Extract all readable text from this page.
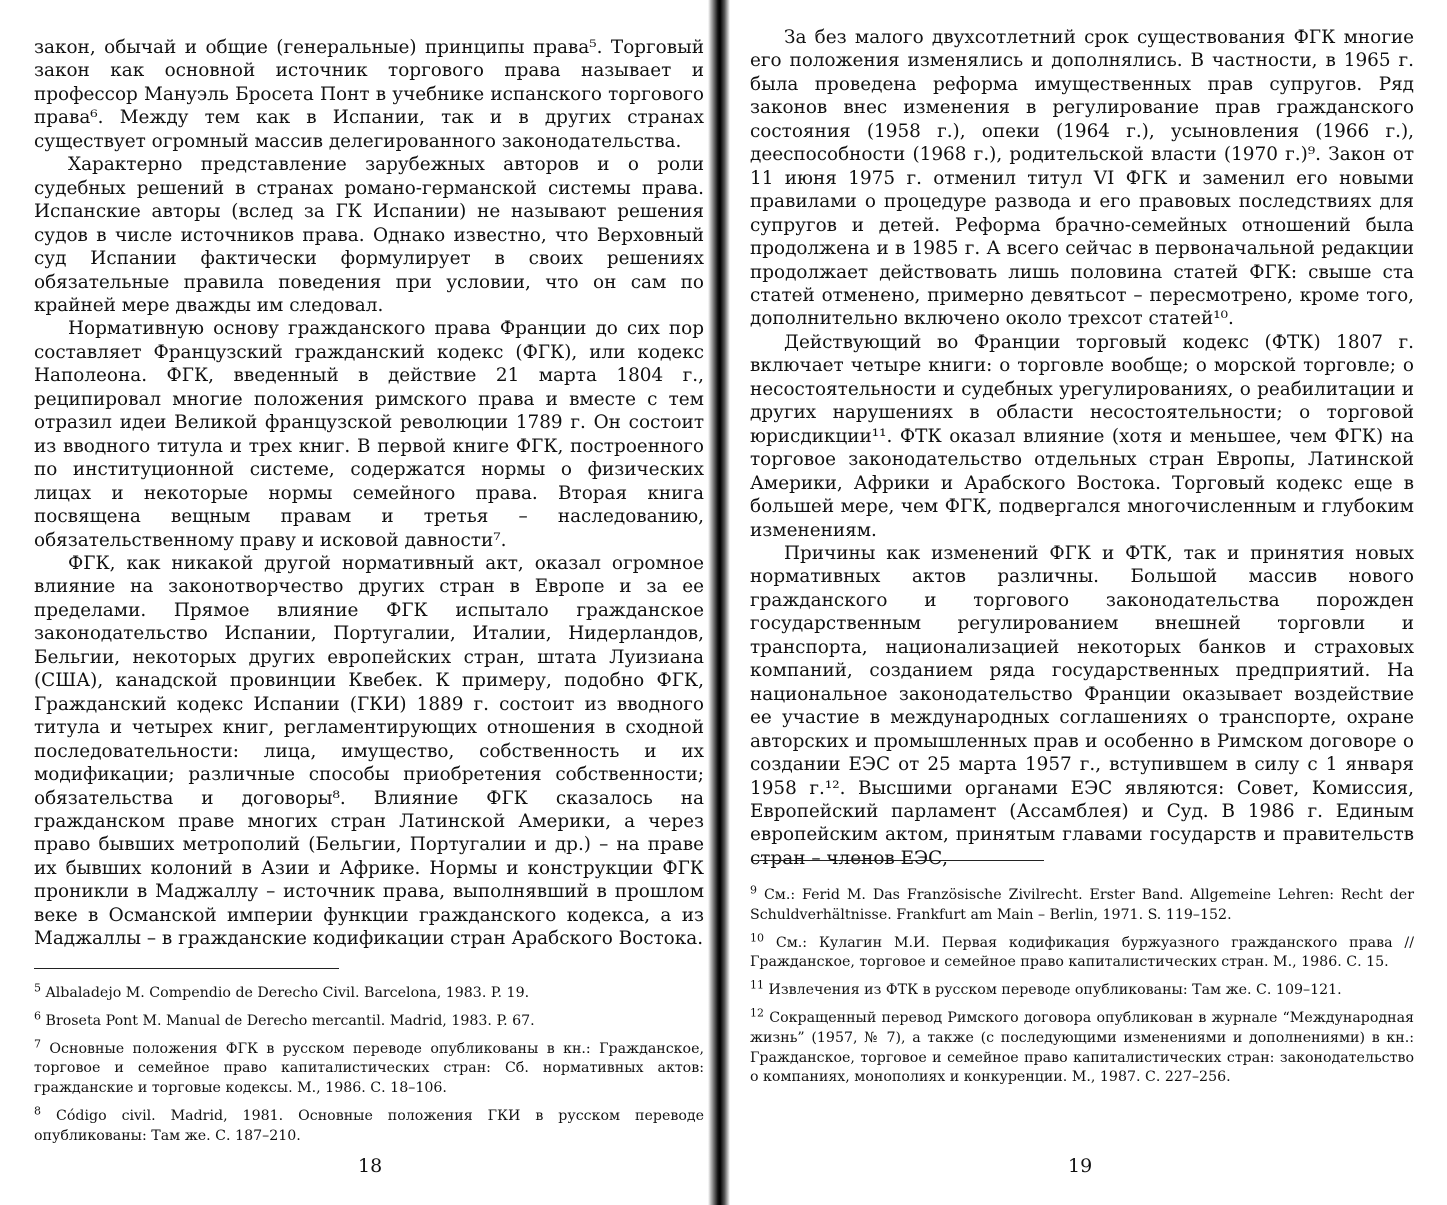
закон, обычай и общие (генеральные) принципы права⁵. Торговый закон как основной источник торгового права называет и профессор Мануэль Бросета Понт в учебнике испанского торгового права⁶. Между тем как в Испании, так и в других странах существует огромный массив делегированного законодательства.

Характерно представление зарубежных авторов и о роли судебных решений в странах романо-германской системы права. Испанские авторы (вслед за ГК Испании) не называют решения судов в числе источников права. Однако известно, что Верховный суд Испании фактически формулирует в своих решениях обязательные правила поведения при условии, что он сам по крайней мере дважды им следовал.

Нормативную основу гражданского права Франции до сих пор составляет Французский гражданский кодекс (ФГК), или кодекс Наполеона. ФГК, введенный в действие 21 марта 1804 г., реципировал многие положения римского права и вместе с тем отразил идеи Великой французской революции 1789 г. Он состоит из вводного титула и трех книг. В первой книге ФГК, построенного по институционной системе, содержатся нормы о физических лицах и некоторые нормы семейного права. Вторая книга посвящена вещным правам и третья – наследованию, обязательственному праву и исковой давности⁷.

ФГК, как никакой другой нормативный акт, оказал огромное влияние на законотворчество других стран в Европе и за ее пределами. Прямое влияние ФГК испытало гражданское законодательство Испании, Португалии, Италии, Нидерландов, Бельгии, некоторых других европейских стран, штата Луизиана (США), канадской провинции Квебек. К примеру, подобно ФГК, Гражданский кодекс Испании (ГКИ) 1889 г. состоит из вводного титула и четырех книг, регламентирующих отношения в сходной последовательности: лица, имущество, собственность и их модификации; различные способы приобретения собственности; обязательства и договоры⁸. Влияние ФГК сказалось на гражданском праве многих стран Латинской Америки, а через право бывших метрополий (Бельгии, Португалии и др.) – на праве их бывших колоний в Азии и Африке. Нормы и конструкции ФГК проникли в Маджаллу – источник права, выполнявший в прошлом веке в Османской империи функции гражданского кодекса, а из Маджаллы – в гражданские кодификации стран Арабского Востока.

$^5$ Albaladejo M. Compendio de Derecho Civil. Barcelona, 1983. P. 19.

$^6$ Broseta Pont M. Manual de Derecho mercantil. Madrid, 1983. P. 67.

$^7$ Основные положения ФГК в русском переводе опубликованы в кн.: Гражданское, торговое и семейное право капиталистических стран: Сб. нормативных актов: гражданские и торговые кодексы. М., 1986. С. 18–106.

$^8$ Código civil. Madrid, 1981. Основные положения ГКИ в русском переводе опубликованы: Там же. С. 187–210.

18

За без малого двухсотлетний срок существования ФГК многие его положения изменялись и дополнялись. В частности, в 1965 г. была проведена реформа имущественных прав супругов. Ряд законов внес изменения в регулирование прав гражданского состояния (1958 г.), опеки (1964 г.), усыновления (1966 г.), дееспособности (1968 г.), родительской власти (1970 г.)⁹. Закон от 11 июня 1975 г. отменил титул VI ФГК и заменил его новыми правилами о процедуре развода и его правовых последствиях для супругов и детей. Реформа брачно-семейных отношений была продолжена и в 1985 г. А всего сейчас в первоначальной редакции продолжает действовать лишь половина статей ФГК: свыше ста статей отменено, примерно девятьсот – пересмотрено, кроме того, дополнительно включено около трехсот статей¹⁰.

Действующий во Франции торговый кодекс (ФТК) 1807 г. включает четыре книги: о торговле вообще; о морской торговле; о несостоятельности и судебных урегулированиях, о реабилитации и других нарушениях в области несостоятельности; о торговой юрисдикции¹¹. ФТК оказал влияние (хотя и меньшее, чем ФГК) на торговое законодательство отдельных стран Европы, Латинской Америки, Африки и Арабского Востока. Торговый кодекс еще в большей мере, чем ФГК, подвергался многочисленным и глубоким изменениям.

Причины как изменений ФГК и ФТК, так и принятия новых нормативных актов различны. Большой массив нового гражданского и торгового законодательства порожден государственным регулированием внешней торговли и транспорта, национализацией некоторых банков и страховых компаний, созданием ряда государственных предприятий. На национальное законодательство Франции оказывает воздействие ее участие в международных соглашениях о транспорте, охране авторских и промышленных прав и особенно в Римском договоре о создании ЕЭС от 25 марта 1957 г., вступившем в силу с 1 января 1958 г.¹². Высшими органами ЕЭС являются: Совет, Комиссия, Европейский парламент (Ассамблея) и Суд. В 1986 г. Единым европейским актом, принятым главами государств и правительств стран – членов ЕЭС,

$^9$ См.: Ferid M. Das Französische Zivilrecht. Erster Band. Allgemeine Lehren: Recht der Schuldverhältnisse. Frankfurt am Main – Berlin, 1971. S. 119–152.

$^{10}$ См.: Кулагин М.И. Первая кодификация буржуазного гражданского права // Гражданское, торговое и семейное право капиталистических стран. М., 1986. С. 15.

$^{11}$ Извлечения из ФТК в русском переводе опубликованы: Там же. С. 109–121.

$^{12}$ Сокращенный перевод Римского договора опубликован в журнале “Международная жизнь” (1957, № 7), а также (с последующими изменениями и дополнениями) в кн.: Гражданское, торговое и семейное право капиталистических стран: законодательство о компаниях, монополиях и конкуренции. М., 1987. С. 227–256.

19
